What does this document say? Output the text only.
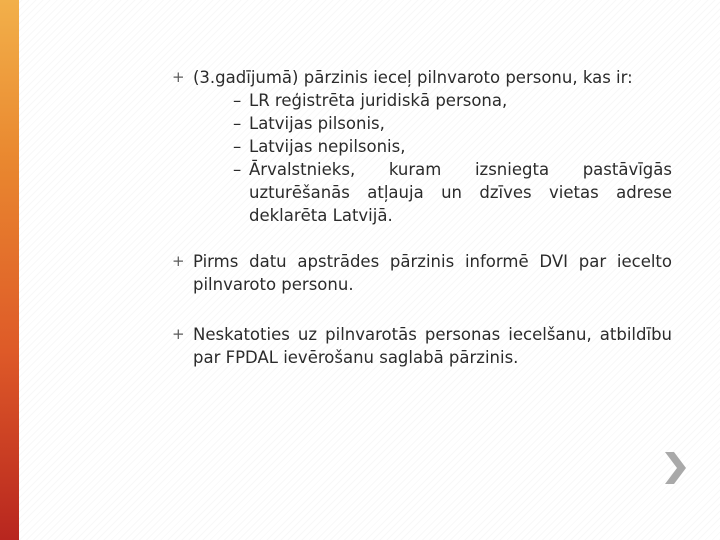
+ (3.gadījumā) pārzinis ieceļ pilnvaroto personu, kas ir:
– LR reģistrēta juridiskā persona,
– Latvijas pilsonis,
– Latvijas nepilsonis,
– Ārvalstnieks, kuram izsniegta pastāvīgās uzturēšanās atļauja un dzīves vietas adrese deklarēta Latvijā.
+ Pirms datu apstrādes pārzinis informē DVI par iecelto pilnvaroto personu.
+ Neskatoties uz pilnvarotās personas iecelšanu, atbildību par FPDAL ievērošanu saglabā pārzinis.
